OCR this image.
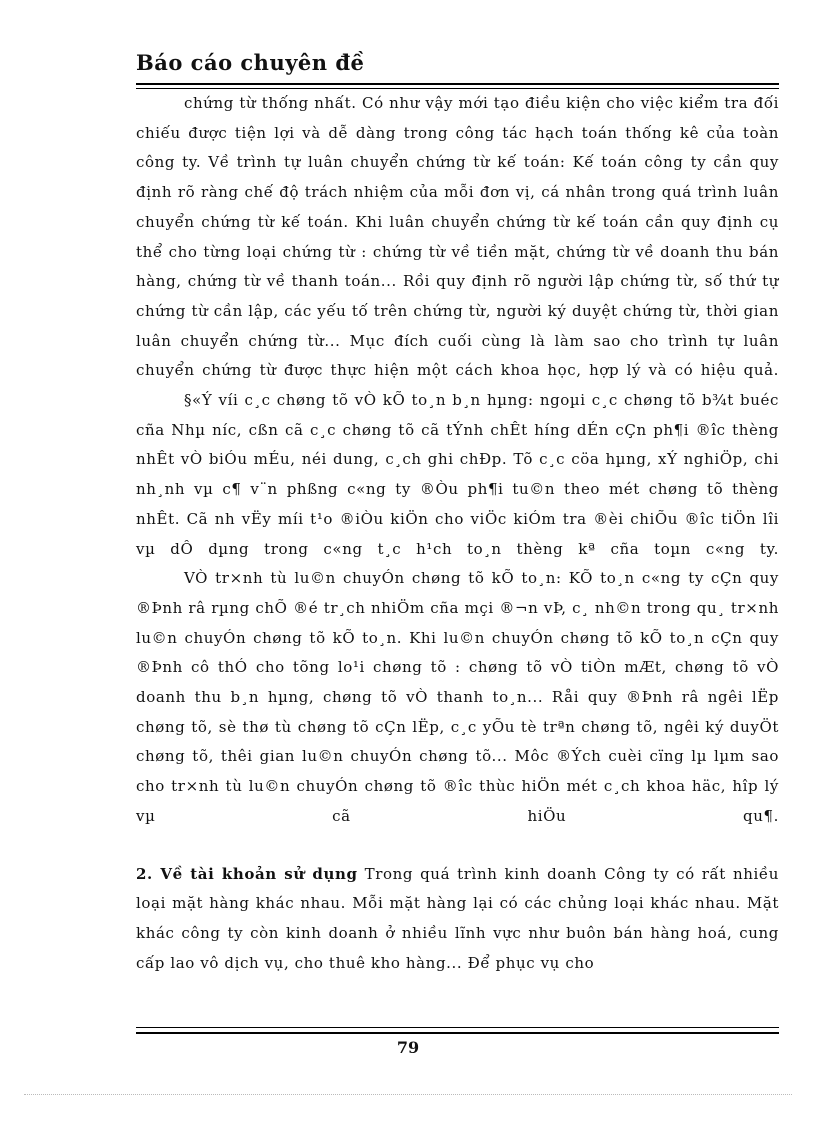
Báo cáo chuyên đề

chứng từ thống nhất. Có như vậy mới tạo điều kiện cho việc kiểm tra đối chiếu được tiện lợi và dễ dàng trong công tác hạch toán thống kê của toàn công ty. Về trình tự luân chuyển chứng từ kế toán: Kế toán công ty cần quy định rõ ràng chế độ trách nhiệm của mỗi đơn vị, cá nhân trong quá trình luân chuyển chứng từ kế toán. Khi luân chuyển chứng từ kế toán cần quy định cụ thể cho từng loại chứng từ : chứng từ về tiền mặt, chứng từ về doanh thu bán hàng, chứng từ về thanh toán... Rồi quy định rõ người lập chứng từ, số thứ tự chứng từ cần lập, các yếu tố trên chứng từ, người ký duyệt chứng từ, thời gian luân chuyển chứng từ... Mục đích cuối cùng là làm sao cho trình tự luân chuyển chứng từ được thực hiện một cách khoa học, hợp lý và có hiệu quả.

§«Ý víi c¸c chøng tõ vÒ kÕ to¸n b¸n hµng: ngoµi c¸c chøng tõ b¾t buéc cña Nhµ níc, cßn cã c¸c chøng tõ cã tÝnh chÊt híng dÉn cÇn ph¶i ®îc thèng nhÊt vÒ biÓu mÉu, néi dung, c¸ch ghi chÐp. Tõ c¸c cöa hµng, xÝ nghiÖp, chi nh¸nh vµ c¶ v¨n phßng c«ng ty ®Òu ph¶i tu©n theo mét chøng tõ thèng nhÊt. Cã nh vËy míi t¹o ®iÒu kiÖn cho viÖc kiÓm tra ®èi chiÕu ®îc tiÖn lîi vµ dÔ dµng trong c«ng t¸c h¹ch to¸n thèng kª cña toµn c«ng ty.

VÒ tr×nh tù lu©n chuyÓn chøng tõ kÕ to¸n: KÕ to¸n c«ng ty cÇn quy ®Þnh râ rµng chÕ ®é tr¸ch nhiÖm cña mçi ®¬n vÞ, c¸ nh©n trong qu¸ tr×nh lu©n chuyÓn chøng tõ kÕ to¸n. Khi lu©n chuyÓn chøng tõ kÕ to¸n cÇn quy ®Þnh cô thÓ cho tõng lo¹i chøng tõ : chøng tõ vÒ tiÒn mÆt, chøng tõ vÒ doanh thu b¸n hµng, chøng tõ vÒ thanh to¸n... Råi quy ®Þnh râ ngêi lËp chøng tõ, sè thø tù chøng tõ cÇn lËp, c¸c yÕu tè trªn chøng tõ, ngêi ký duyÖt chøng tõ, thêi gian lu©n chuyÓn chøng tõ... Môc ®Ých cuèi cïng lµ lµm sao cho tr×nh tù lu©n chuyÓn chøng tõ ®îc thùc hiÖn mét c¸ch khoa häc, hîp lý vµ cã hiÖu qu¶.

2. Về tài khoản sử dụng Trong quá trình kinh doanh Công ty có rất nhiều loại mặt hàng khác nhau. Mỗi mặt hàng lại có các chủng loại khác nhau. Mặt khác công ty còn kinh doanh ở nhiều lĩnh vực như buôn bán hàng hoá, cung cấp lao vô dịch vụ, cho thuê kho hàng... Để phục vụ cho

79
